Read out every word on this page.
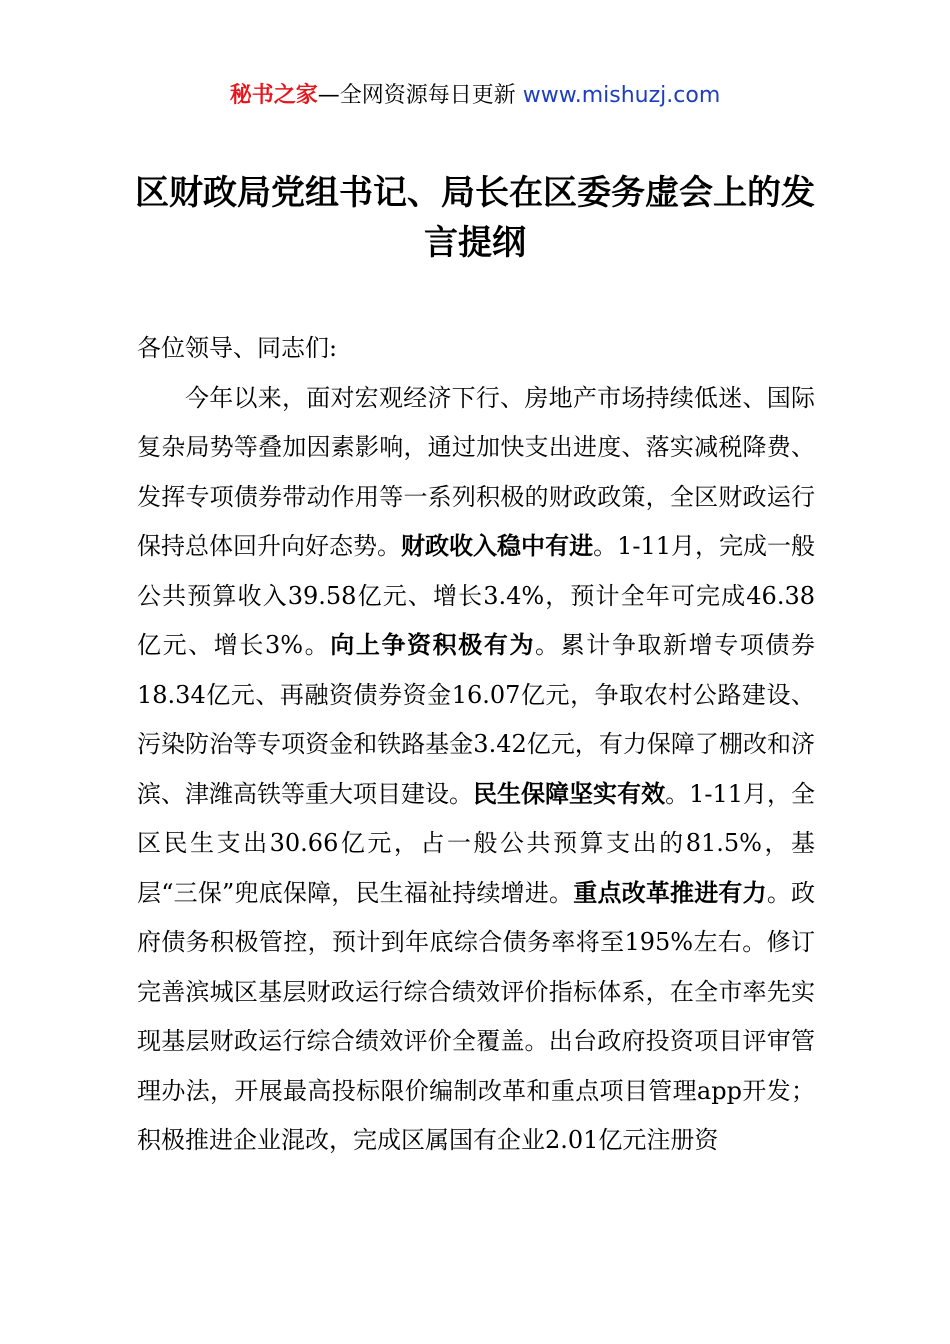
秘书之家—全网资源每日更新 www.mishuzj.com
区财政局党组书记、局长在区委务虚会上的发言提纲

各位领导、同志们:

今年以来，面对宏观经济下行、房地产市场持续低迷、国际复杂局势等叠加因素影响，通过加快支出进度、落实减税降费、发挥专项债券带动作用等一系列积极的财政政策，全区财政运行保持总体回升向好态势。财政收入稳中有进。1-11月，完成一般公共预算收入39.58亿元、增长3.4%，预计全年可完成46.38亿元、增长3%。向上争资积极有为。累计争取新增专项债券18.34亿元、再融资债券资金16.07亿元，争取农村公路建设、污染防治等专项资金和铁路基金3.42亿元，有力保障了棚改和济滨、津潍高铁等重大项目建设。民生保障坚实有效。1-11月，全区民生支出30.66亿元，占一般公共预算支出的81.5%，基层“三保”兜底保障，民生福祉持续增进。重点改革推进有力。政府债务积极管控，预计到年底综合债务率将至195%左右。修订完善滨城区基层财政运行综合绩效评价指标体系，在全市率先实现基层财政运行综合绩效评价全覆盖。出台政府投资项目评审管理办法，开展最高投标限价编制改革和重点项目管理app开发；积极推进企业混改，完成区属国有企业2.01亿元注册资
